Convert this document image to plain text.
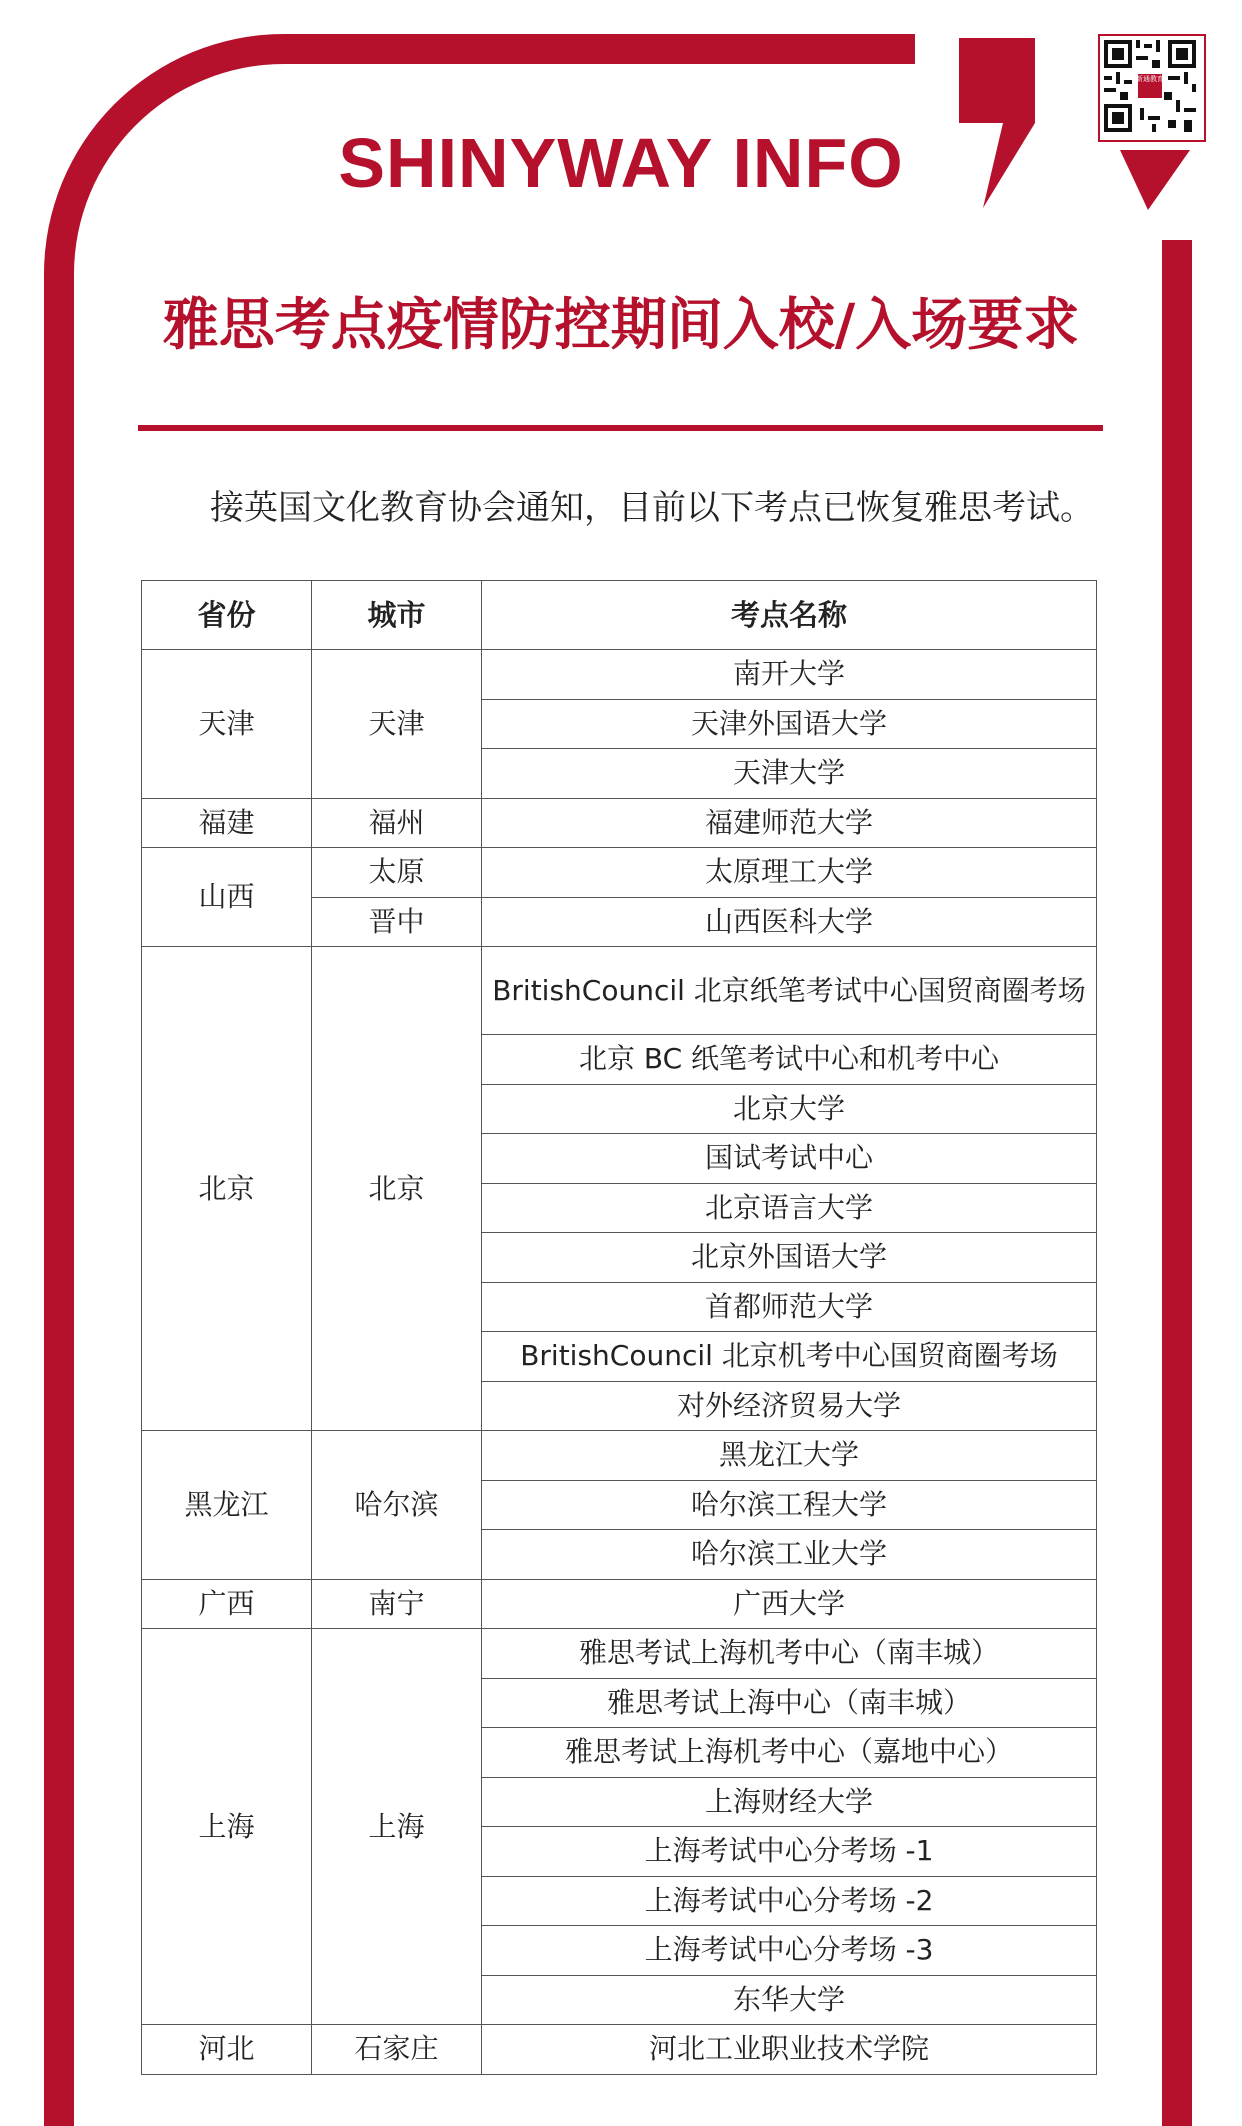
新通教育
SHINYWAY INFO
雅思考点疫情防控期间入校/入场要求

接英国文化教育协会通知，目前以下考点已恢复雅思考试。

省份	城市	考点名称
天津	天津	南开大学
		天津外国语大学
		天津大学
福建	福州	福建师范大学
山西	太原	太原理工大学
	晋中	山西医科大学
北京	北京	BritishCouncil 北京纸笔考试中心国贸商圈考场
		北京 BC 纸笔考试中心和机考中心
		北京大学
		国试考试中心
		北京语言大学
		北京外国语大学
		首都师范大学
		BritishCouncil 北京机考中心国贸商圈考场
		对外经济贸易大学
黑龙江	哈尔滨	黑龙江大学
		哈尔滨工程大学
		哈尔滨工业大学
广西	南宁	广西大学
上海	上海	雅思考试上海机考中心（南丰城）
		雅思考试上海中心（南丰城）
		雅思考试上海机考中心（嘉地中心）
		上海财经大学
		上海考试中心分考场 -1
		上海考试中心分考场 -2
		上海考试中心分考场 -3
		东华大学
河北	石家庄	河北工业职业技术学院
